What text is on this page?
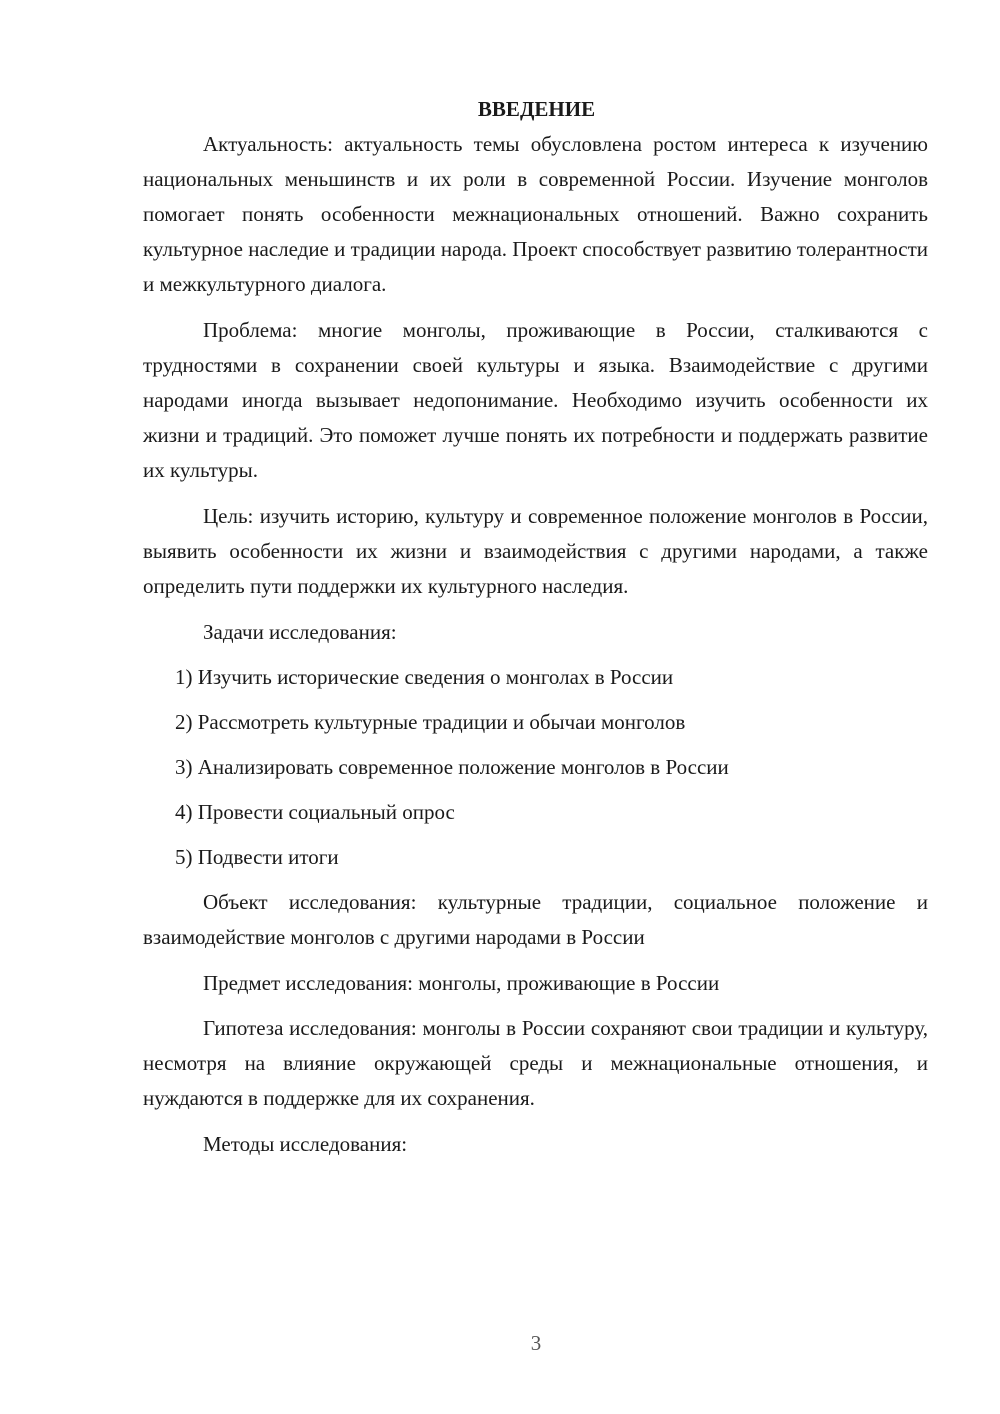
ВВЕДЕНИЕ

Актуальность: актуальность темы обусловлена ростом интереса к изучению национальных меньшинств и их роли в современной России. Изучение монголов помогает понять особенности межнациональных отношений. Важно сохранить культурное наследие и традиции народа. Проект способствует развитию толерантности и межкультурного диалога.

Проблема: многие монголы, проживающие в России, сталкиваются с трудностями в сохранении своей культуры и языка. Взаимодействие с другими народами иногда вызывает недопонимание. Необходимо изучить особенности их жизни и традиций. Это поможет лучше понять их потребности и поддержать развитие их культуры.

Цель: изучить историю, культуру и современное положение монголов в России, выявить особенности их жизни и взаимодействия с другими народами, а также определить пути поддержки их культурного наследия.

Задачи исследования:

1) Изучить исторические сведения о монголах в России
2) Рассмотреть культурные традиции и обычаи монголов
3) Анализировать современное положение монголов в России
4) Провести социальный опрос
5) Подвести итоги

Объект исследования: культурные традиции, социальное положение и взаимодействие монголов с другими народами в России

Предмет исследования: монголы, проживающие в России

Гипотеза исследования: монголы в России сохраняют свои традиции и культуру, несмотря на влияние окружающей среды и межнациональные отношения, и нуждаются в поддержке для их сохранения.

Методы исследования:

3
